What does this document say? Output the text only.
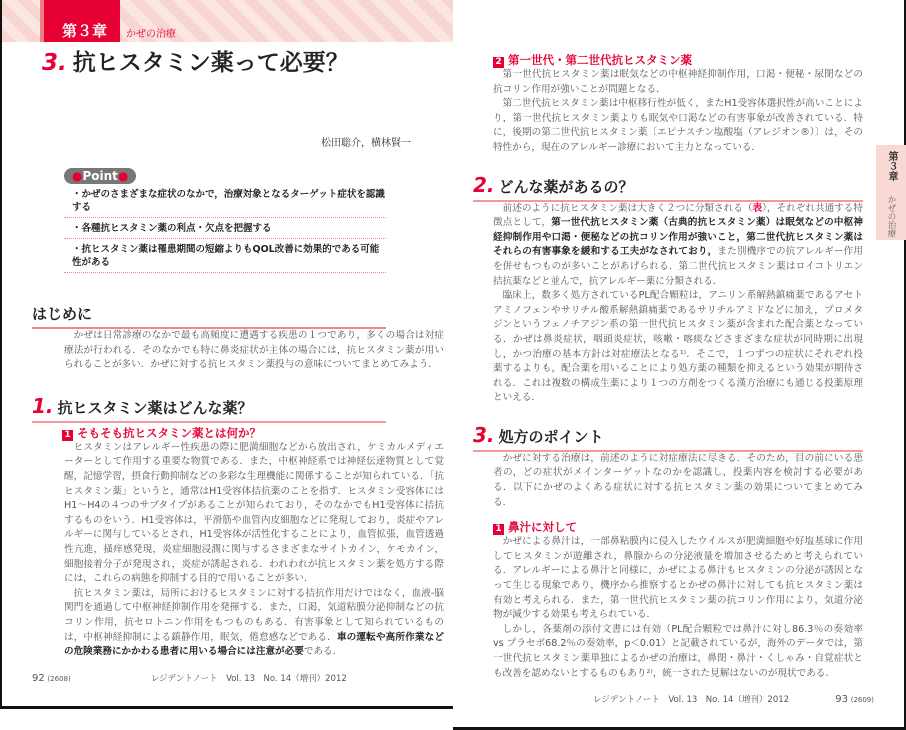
第３章	かぜの治療
3. 抗ヒスタミン薬って必要？
松田聡介，横林賢一
●Point●
・かぜのさまざまな症状のなかで，治療対象となるターゲット症状を認識する
・各種抗ヒスタミン薬の利点・欠点を把握する
・抗ヒスタミン薬は罹患期間の短縮よりもQOL改善に効果的である可能性がある
はじめに

かぜは日常診療のなかで最も高頻度に遭遇する疾患の１つであり，多くの場合は対症療法が行われる．そのなかでも特に鼻炎症状が主体の場合には，抗ヒスタミン薬が用いられることが多い．かぜに対する抗ヒスタミン薬投与の意味についてまとめてみよう．

1. 抗ヒスタミン薬はどんな薬？
1 そもそも抗ヒスタミン薬とは何か？

ヒスタミンはアレルギー性疾患の際に肥満細胞などから放出され，ケミカルメディエーターとして作用する重要な物質である．また，中枢神経系では神経伝達物質として覚醒，記憶学習，摂食行動抑制などの多彩な生理機能に関係することが知られている．「抗ヒスタミン薬」というと，通常はH1受容体拮抗薬のことを指す．ヒスタミン受容体にはH1～H4の４つのサブタイプがあることが知られており，そのなかでもH1受容体に拮抗するものをいう．H1受容体は，平滑筋や血管内皮細胞などに発現しており，炎症やアレルギーに関与しているとされ，H1受容体が活性化することにより，血管拡張，血管透過性亢進，掻痒感発現，炎症細胞浸潤に関与するさまざまなサイトカイン，ケモカイン，細胞接着分子が発現され，炎症が誘起される．われわれが抗ヒスタミン薬を処方する際には，これらの病態を抑制する目的で用いることが多い．

抗ヒスタミン薬は，局所におけるヒスタミンに対する拮抗作用だけではなく，血液-脳関門を通過して中枢神経抑制作用を発揮する．また，口渇，気道粘膜分泌抑制などの抗コリン作用，抗セロトニン作用をもつものもある．有害事象として知られているものは，中枢神経抑制による鎮静作用，眠気，倦怠感などである．車の運転や高所作業などの危険業務にかかわる患者に用いる場合には注意が必要である．

92 (2608)	レジデントノート　Vol. 13　No. 14（増刊）2012
2 第一世代・第二世代抗ヒスタミン薬

第一世代抗ヒスタミン薬は眠気などの中枢神経抑制作用，口渇・便秘・尿閉などの抗コリン作用が強いことが問題となる．

第二世代抗ヒスタミン薬は中枢移行性が低く，またH1受容体選択性が高いことにより，第一世代抗ヒスタミン薬よりも眠気や口渇などの有害事象が改善されている．特に，後期の第二世代抗ヒスタミン薬〔エピナスチン塩酸塩（アレジオン®）〕は，その特性から，現在のアレルギー診療において主力となっている．

2. どんな薬があるの？

前述のように抗ヒスタミン薬は大きく２つに分類される（表），それぞれ共通する特徴点として，第一世代抗ヒスタミン薬（古典的抗ヒスタミン薬）は眠気などの中枢神経抑制作用や口渇・便秘などの抗コリン作用が強いこと，第二世代抗ヒスタミン薬はそれらの有害事象を緩和する工夫がなされており，また別機序での抗アレルギー作用を併せもつものが多いことがあげられる．第二世代抗ヒスタミン薬はロイコトリエン拮抗薬などと並んで，抗アレルギー薬に分類される．

臨床上，数多く処方されているPL配合顆粒は，アニリン系解熱鎮痛薬であるアセトアミノフェンやサリチル酸系解熱鎮痛薬であるサリチルアミドなどに加え，プロメタジンというフェノチアジン系の第一世代抗ヒスタミン薬が含まれた配合薬となっている．かぜは鼻炎症状，咽頭炎症状，咳嗽・喀痰などさまざまな症状が同時期に出現し，かつ治療の基本方針は対症療法となる¹⁾．そこで，１つずつの症状にそれぞれ投薬するよりも，配合薬を用いることにより処方薬の種類を抑えるという効果が期待される．これは複数の構成生薬により１つの方剤をつくる漢方治療にも通じる投薬原理といえる．

3. 処方のポイント

かぜに対する治療は，前述のように対症療法に尽きる．そのため，目の前にいる患者の，どの症状がメインターゲットなのかを認識し，投薬内容を検討する必要がある．以下にかぜのよくある症状に対する抗ヒスタミン薬の効果についてまとめてみる．

1 鼻汁に対して

かぜによる鼻汁は，一部鼻粘膜内に侵入したウイルスが肥満細胞や好塩基球に作用してヒスタミンが遊離され，鼻腺からの分泌液量を増加させるためと考えられている．アレルギーによる鼻汁と同様に，かぜによる鼻汁もヒスタミンの分泌が誘因となって生じる現象であり，機序から推察するとかぜの鼻汁に対しても抗ヒスタミン薬は有効と考えられる．また，第一世代抗ヒスタミン薬の抗コリン作用により，気道分泌物が減少する効果も考えられている．

しかし，各薬剤の添付文書には有効（PL配合顆粒では鼻汁に対し86.3％の奏効率 vs プラセボ68.2％の奏効率，p＜0.01）と記載されているが，海外のデータでは，第一世代抗ヒスタミン薬単独によるかぜの治療は，鼻閉・鼻汁・くしゃみ・自覚症状とも改善を認めないとするものもあり²⁾，統一された見解はないのが現状である．

レジデントノート　Vol. 13　No. 14（増刊）2012	93 (2609)
第３章
かぜの治療
